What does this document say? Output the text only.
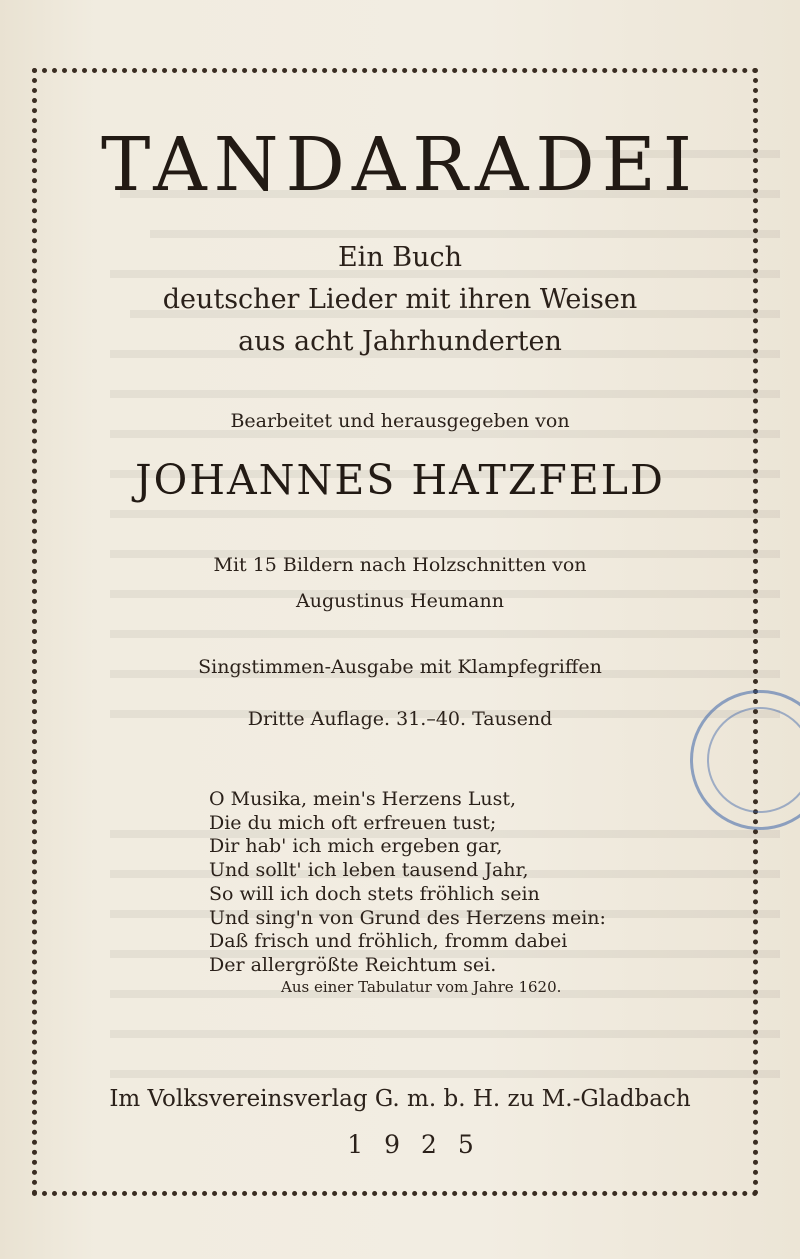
TANDARADEI
Ein Buch
deutscher Lieder mit ihren Weisen
aus acht Jahrhunderten
Bearbeitet und herausgegeben von
JOHANNES HATZFELD
Mit 15 Bildern nach Holzschnitten von
Augustinus Heumann
Singstimmen-Ausgabe mit Klampfegriffen
Dritte Auflage. 31.–40. Tausend
O Musika, mein's Herzens Lust,
Die du mich oft erfreuen tust;
Dir hab' ich mich ergeben gar,
Und sollt' ich leben tausend Jahr,
So will ich doch stets fröhlich sein
Und sing'n von Grund des Herzens mein:
Daß frisch und fröhlich, fromm dabei
Der allergrößte Reichtum sei.
Aus einer Tabulatur vom Jahre 1620.
Im Volksvereinsverlag G. m. b. H. zu M.-Gladbach
1925
